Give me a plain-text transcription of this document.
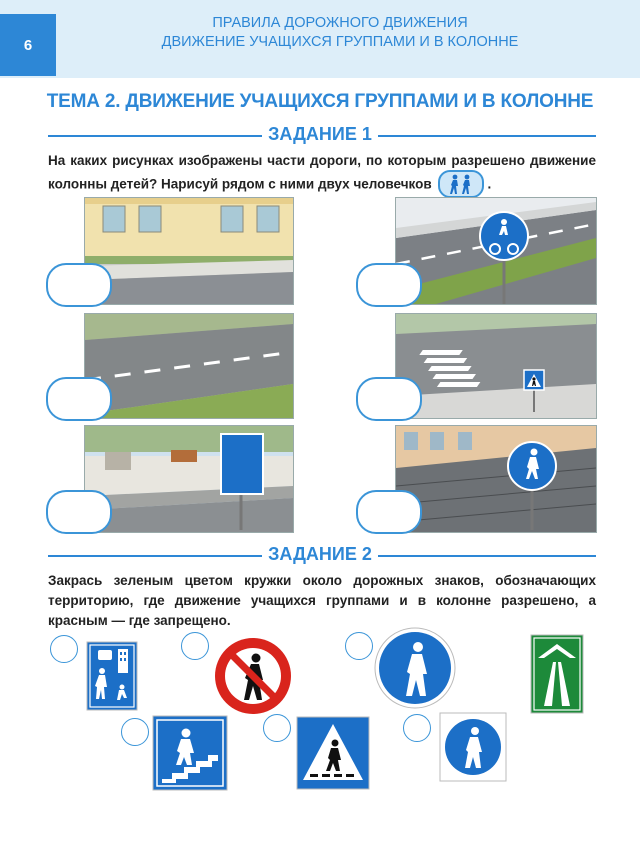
6
ПРАВИЛА ДОРОЖНОГО ДВИЖЕНИЯ
ДВИЖЕНИЕ УЧАЩИХСЯ ГРУППАМИ И В КОЛОННЕ
ТЕМА 2. ДВИЖЕНИЕ УЧАЩИХСЯ ГРУППАМИ И В КОЛОННЕ
ЗАДАНИЕ 1
На каких рисунках изображены части дороги, по которым разрешено движение колонны детей? Нарисуй рядом с ними двух человечков	.
ЗАДАНИЕ 2
Закрась зеленым цветом кружки около дорожных знаков, обозначающих территорию, где движение учащихся группами и в колонне разрешено, а красным — где запрещено.
